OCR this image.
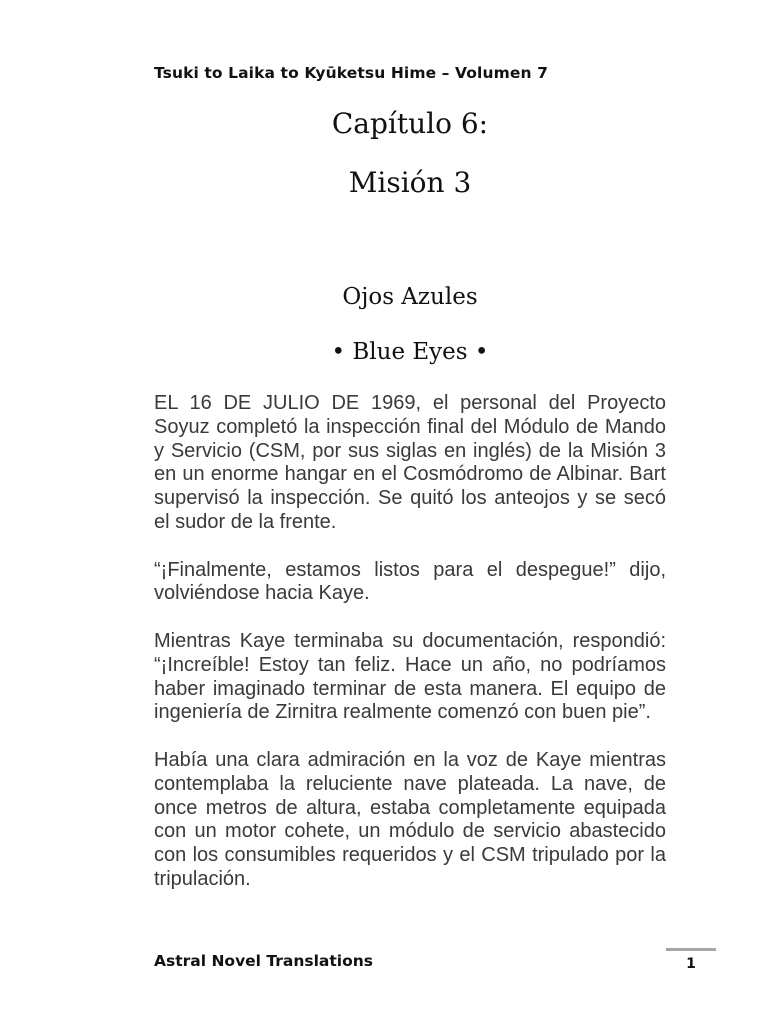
Tsuki to Laika to Kyūketsu Hime – Volumen 7
Capítulo 6:
Misión 3
Ojos Azules
• Blue Eyes •

EL 16 DE JULIO DE 1969, el personal del Proyecto Soyuz completó la inspección final del Módulo de Mando y Servicio (CSM, por sus siglas en inglés) de la Misión 3 en un enorme hangar en el Cosmódromo de Albinar. Bart supervisó la inspección. Se quitó los anteojos y se secó el sudor de la frente.

“¡Finalmente, estamos listos para el despegue!” dijo, volviéndose hacia Kaye.

Mientras Kaye terminaba su documentación, respondió: “¡Increíble! Estoy tan feliz. Hace un año, no podríamos haber imaginado terminar de esta manera. El equipo de ingeniería de Zirnitra realmente comenzó con buen pie”.

Había una clara admiración en la voz de Kaye mientras contemplaba la reluciente nave plateada. La nave, de once metros de altura, estaba completamente equipada con un motor cohete, un módulo de servicio abastecido con los consumibles requeridos y el CSM tripulado por la tripulación.

Astral Novel Translations	1
